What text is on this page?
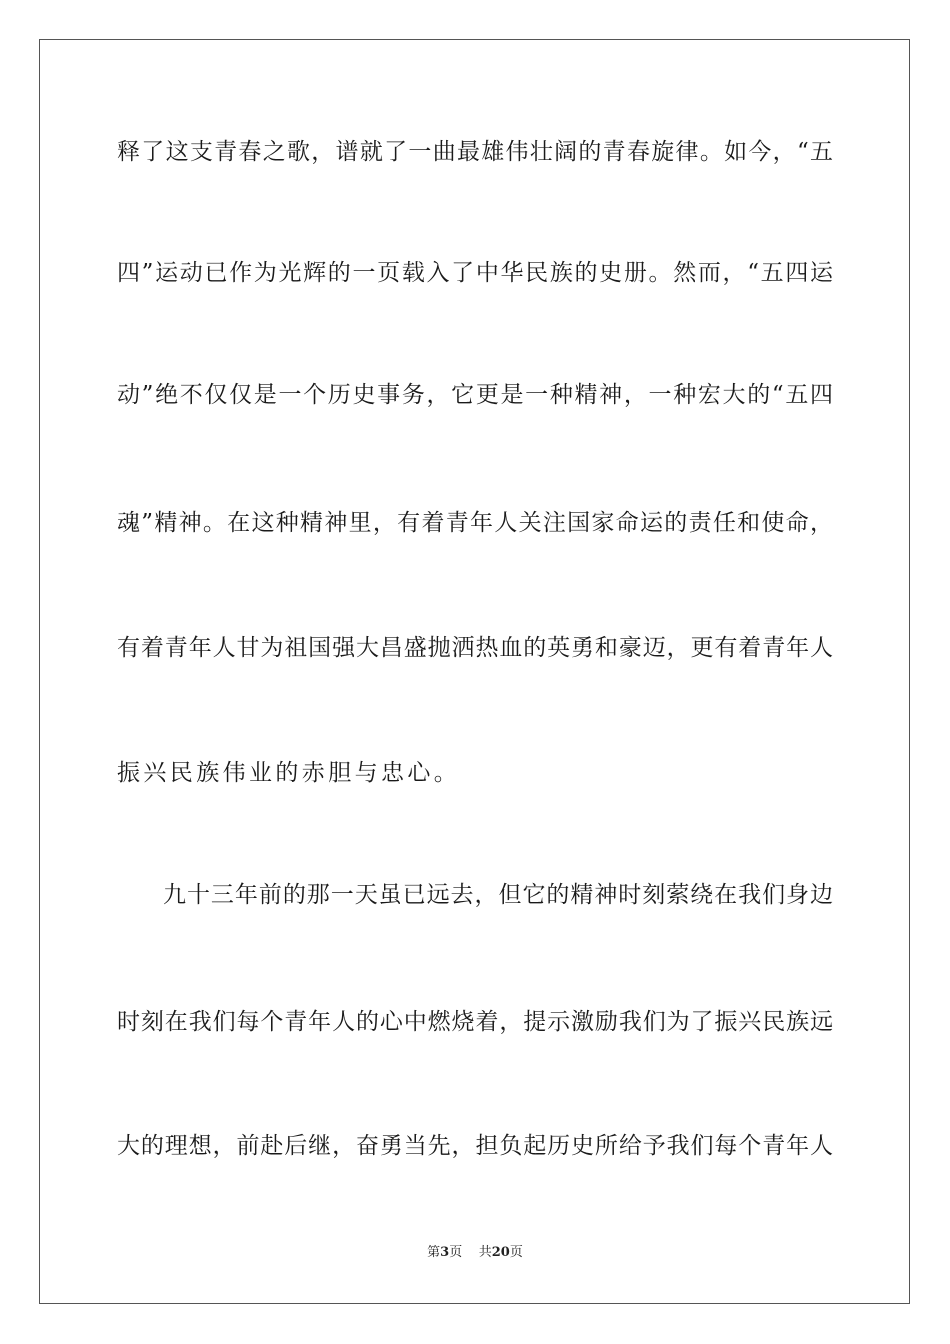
释了这支青春之歌，谱就了一曲最雄伟壮阔的青春旋律。如今，“五
四”运动已作为光辉的一页载入了中华民族的史册。然而，“五四运
动”绝不仅仅是一个历史事务，它更是一种精神，一种宏大的“五四
魂”精神。在这种精神里，有着青年人关注国家命运的责任和使命，
有着青年人甘为祖国强大昌盛抛洒热血的英勇和豪迈，更有着青年人
振兴民族伟业的赤胆与忠心。
九十三年前的那一天虽已远去，但它的精神时刻萦绕在我们身边
时刻在我们每个青年人的心中燃烧着，提示激励我们为了振兴民族远
大的理想，前赴后继，奋勇当先，担负起历史所给予我们每个青年人
第3页 共20页
